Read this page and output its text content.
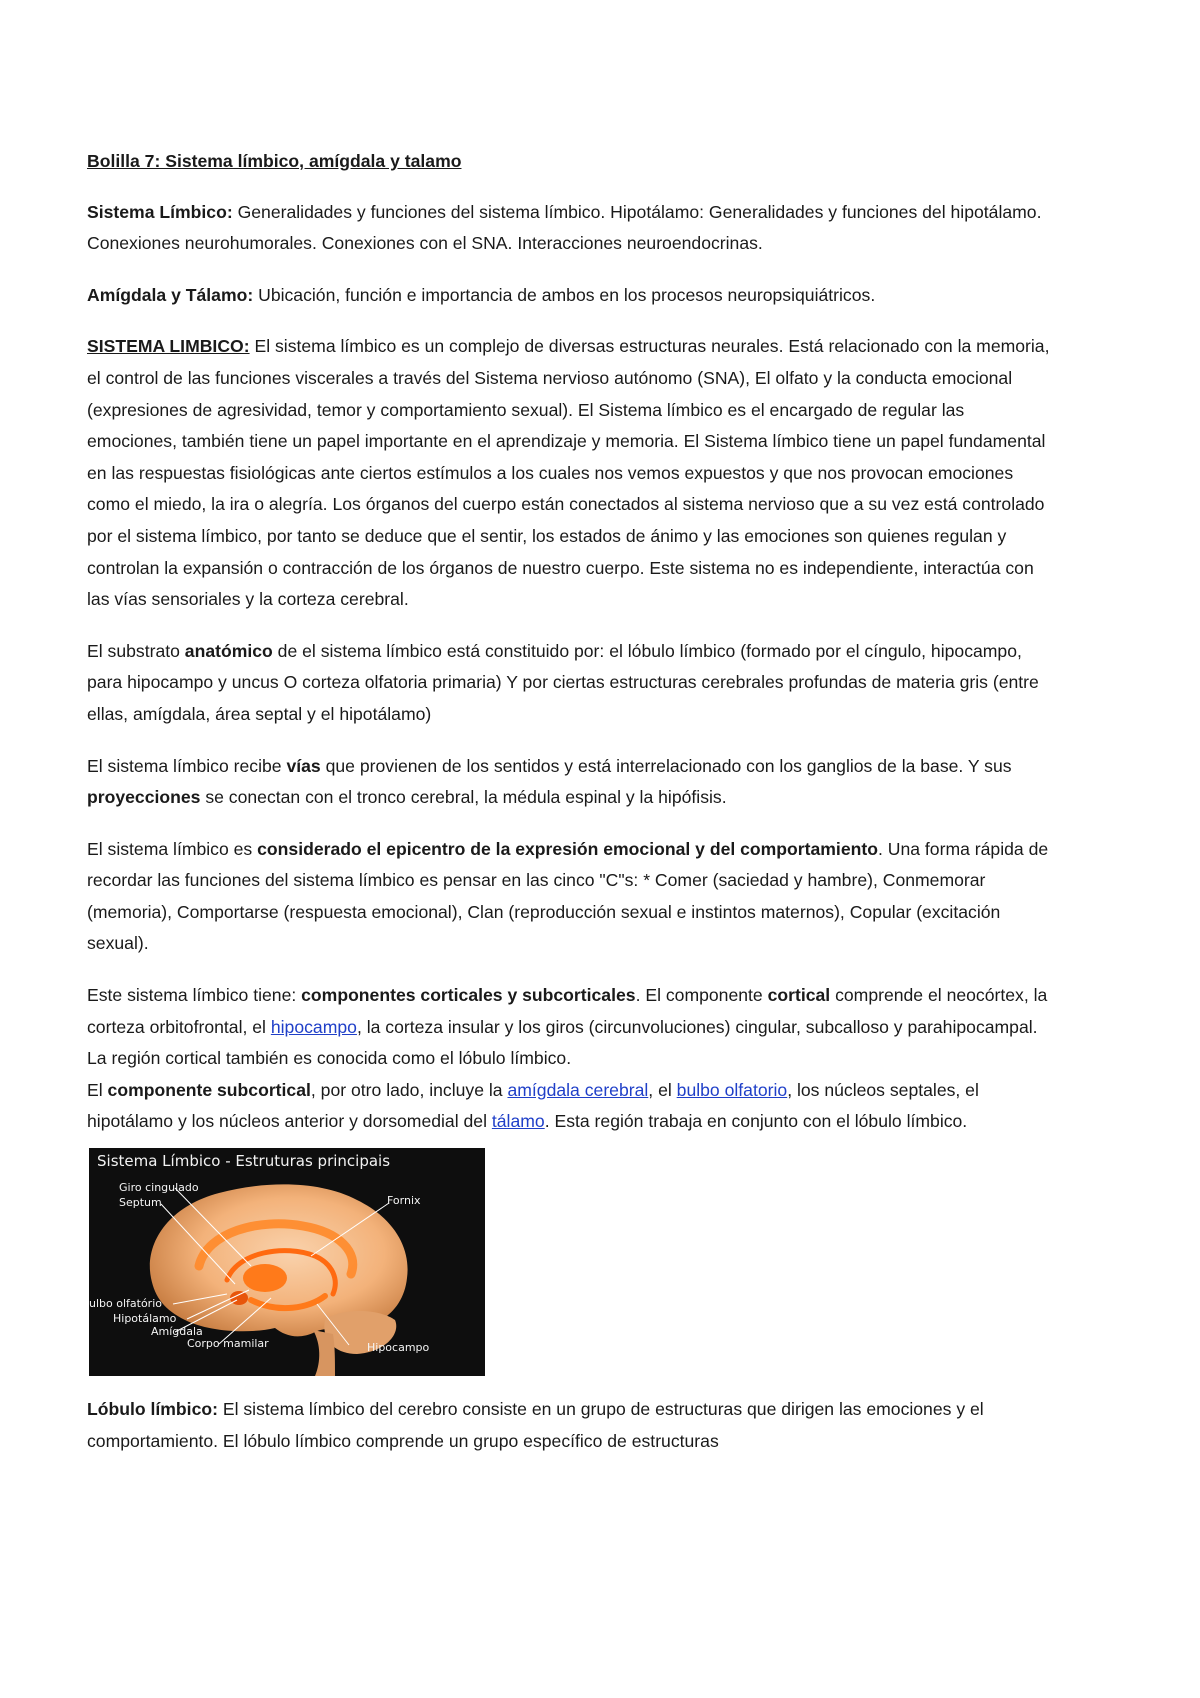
Bolilla 7: Sistema límbico, amígdala y talamo

Sistema Límbico: Generalidades y funciones del sistema límbico. Hipotálamo: Generalidades y funciones del hipotálamo. Conexiones neurohumorales. Conexiones con el SNA. Interacciones neuroendocrinas.

Amígdala y Tálamo: Ubicación, función e importancia de ambos en los procesos neuropsiquiátricos.

SISTEMA LIMBICO: El sistema límbico es un complejo de diversas estructuras neurales. Está relacionado con la memoria, el control de las funciones viscerales a través del Sistema nervioso autónomo (SNA), El olfato y la conducta emocional (expresiones de agresividad, temor y comportamiento sexual). El Sistema límbico es el encargado de regular las emociones, también tiene un papel importante en el aprendizaje y memoria. El Sistema límbico tiene un papel fundamental en las respuestas fisiológicas ante ciertos estímulos a los cuales nos vemos expuestos y que nos provocan emociones como el miedo, la ira o alegría. Los órganos del cuerpo están conectados al sistema nervioso que a su vez está controlado por el sistema límbico, por tanto se deduce que el sentir, los estados de ánimo y las emociones son quienes regulan y controlan la expansión o contracción de los órganos de nuestro cuerpo. Este sistema no es independiente, interactúa con las vías sensoriales y la corteza cerebral.

El substrato anatómico de el sistema límbico está constituido por: el lóbulo límbico (formado por el cíngulo, hipocampo, para hipocampo y uncus O corteza olfatoria primaria) Y por ciertas estructuras cerebrales profundas de materia gris (entre ellas, amígdala, área septal y el hipotálamo)

El sistema límbico recibe vías que provienen de los sentidos y está interrelacionado con los ganglios de la base. Y sus proyecciones se conectan con el tronco cerebral, la médula espinal y la hipófisis.

El sistema límbico es considerado el epicentro de la expresión emocional y del comportamiento. Una forma rápida de recordar las funciones del sistema límbico es pensar en las cinco "C"s: * Comer (saciedad y hambre), Conmemorar (memoria), Comportarse (respuesta emocional), Clan (reproducción sexual e instintos maternos), Copular (excitación sexual).

Este sistema límbico tiene: componentes corticales y subcorticales. El componente cortical comprende el neocórtex, la corteza orbitofrontal, el hipocampo, la corteza insular y los giros (circunvoluciones) cingular, subcalloso y parahipocampal. La región cortical también es conocida como el lóbulo límbico.

El componente subcortical, por otro lado, incluye la amígdala cerebral, el bulbo olfatorio, los núcleos septales, el hipotálamo y los núcleos anterior y dorsomedial del tálamo. Esta región trabaja en conjunto con el lóbulo límbico.

Sistema Límbico - Estruturas principais
Giro cingulado
Septum	Fornix
ulbo olfatório
Hipotálamo
Amígdala
Corpo mamilar	Hipocampo

Lóbulo límbico: El sistema límbico del cerebro consiste en un grupo de estructuras que dirigen las emociones y el comportamiento. El lóbulo límbico comprende un grupo específico de estructuras
